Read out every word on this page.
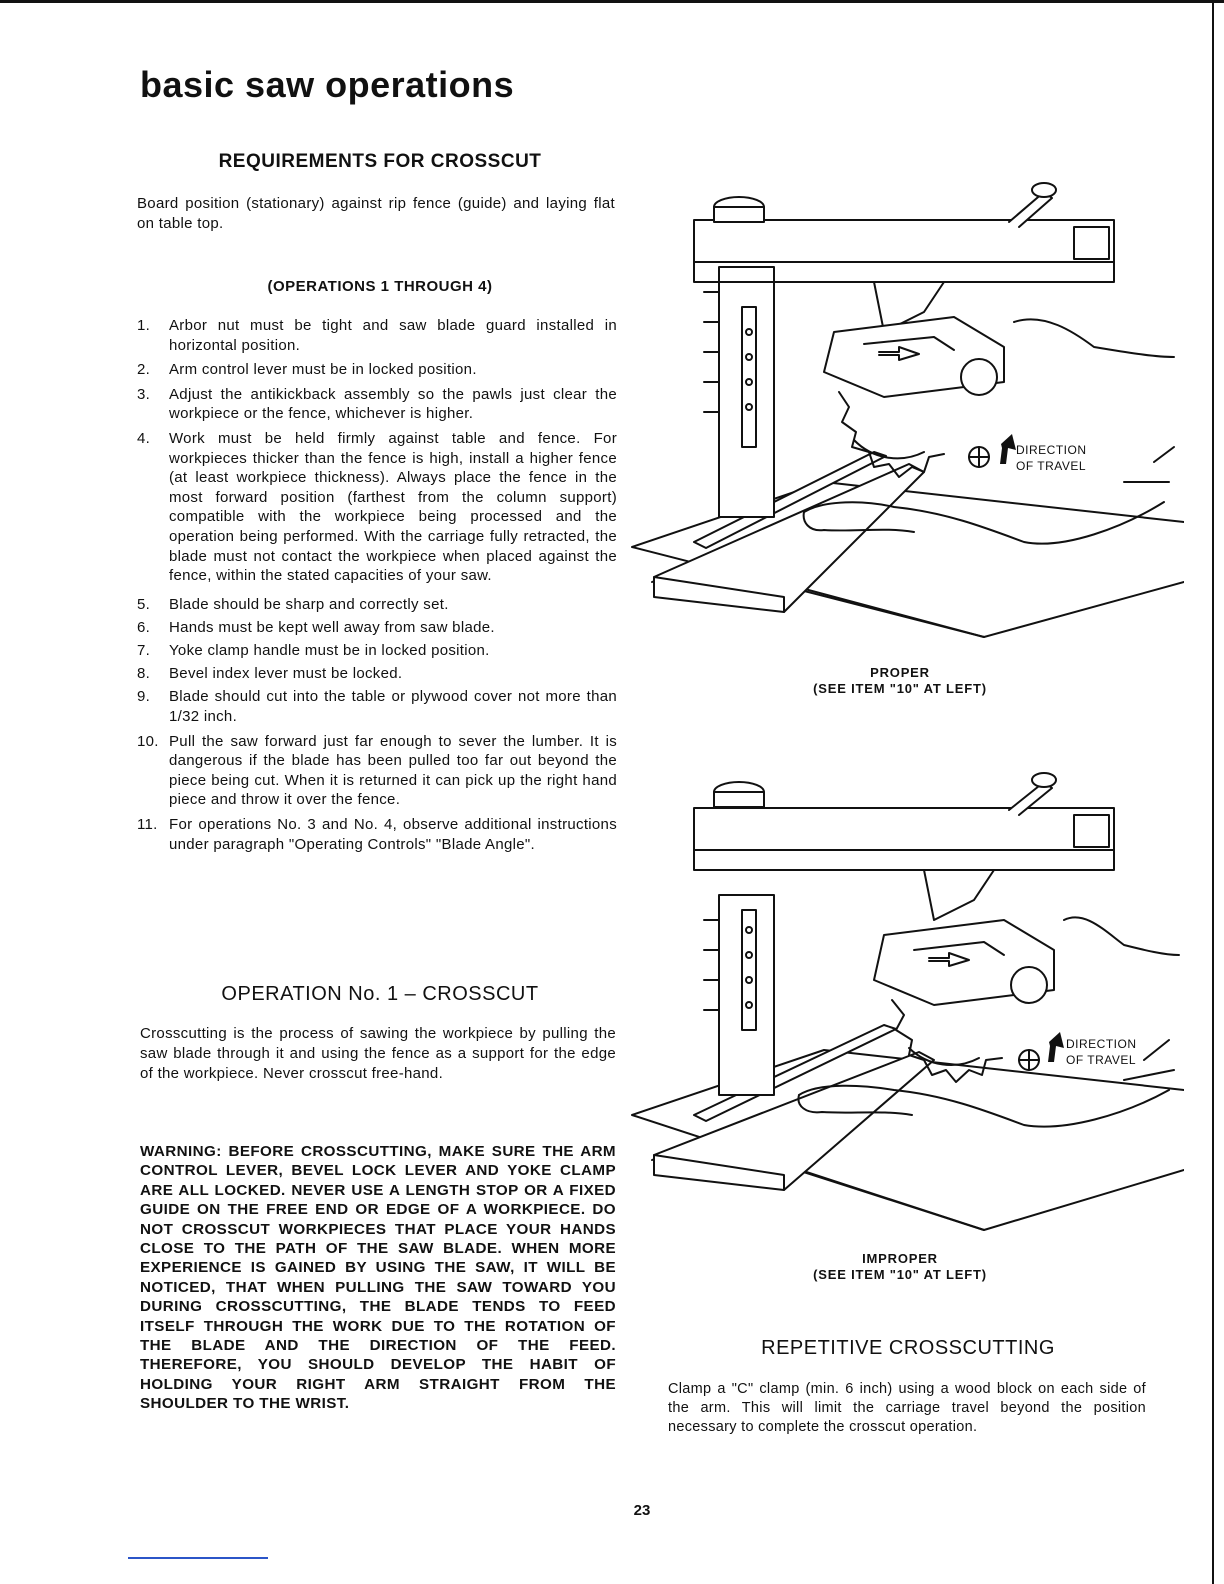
basic saw operations
REQUIREMENTS FOR CROSSCUT
Board position (stationary) against rip fence (guide) and laying flat on table top.
(OPERATIONS 1 THROUGH 4)
1. Arbor nut must be tight and saw blade guard installed in horizontal position.
2. Arm control lever must be in locked position.
3. Adjust the antikickback assembly so the pawls just clear the workpiece or the fence, whichever is higher.
4. Work must be held firmly against table and fence. For workpieces thicker than the fence is high, install a higher fence (at least workpiece thickness). Always place the fence in the most forward position (farthest from the column support) compatible with the workpiece being processed and the operation being performed. With the carriage fully retracted, the blade must not contact the workpiece when placed against the fence, within the stated capacities of your saw.
5. Blade should be sharp and correctly set.
6. Hands must be kept well away from saw blade.
7. Yoke clamp handle must be in locked position.
8. Bevel index lever must be locked.
9. Blade should cut into the table or plywood cover not more than 1/32 inch.
10. Pull the saw forward just far enough to sever the lumber. It is dangerous if the blade has been pulled too far out beyond the piece being cut. When it is returned it can pick up the right hand piece and throw it over the fence.
11. For operations No. 3 and No. 4, observe additional instructions under paragraph "Operating Controls" "Blade Angle".
OPERATION No. 1 – CROSSCUT
Crosscutting is the process of sawing the workpiece by pulling the saw blade through it and using the fence as a support for the edge of the workpiece. Never crosscut free-hand.
WARNING: BEFORE CROSSCUTTING, MAKE SURE THE ARM CONTROL LEVER, BEVEL LOCK LEVER AND YOKE CLAMP ARE ALL LOCKED. NEVER USE A LENGTH STOP OR A FIXED GUIDE ON THE FREE END OR EDGE OF A WORKPIECE. DO NOT CROSSCUT WORKPIECES THAT PLACE YOUR HANDS CLOSE TO THE PATH OF THE SAW BLADE. WHEN MORE EXPERIENCE IS GAINED BY USING THE SAW, IT WILL BE NOTICED, THAT WHEN PULLING THE SAW TOWARD YOU DURING CROSSCUTTING, THE BLADE TENDS TO FEED ITSELF THROUGH THE WORK DUE TO THE ROTATION OF THE BLADE AND THE DIRECTION OF THE FEED. THEREFORE, YOU SHOULD DEVELOP THE HABIT OF HOLDING YOUR RIGHT ARM STRAIGHT FROM THE SHOULDER TO THE WRIST.
DIRECTION
OF TRAVEL
PROPER
(SEE ITEM "10" AT LEFT)
DIRECTION
OF TRAVEL
IMPROPER
(SEE ITEM "10" AT LEFT)
REPETITIVE CROSSCUTTING
Clamp a "C" clamp (min. 6 inch) using a wood block on each side of the arm. This will limit the carriage travel beyond the position necessary to complete the crosscut operation.
23
